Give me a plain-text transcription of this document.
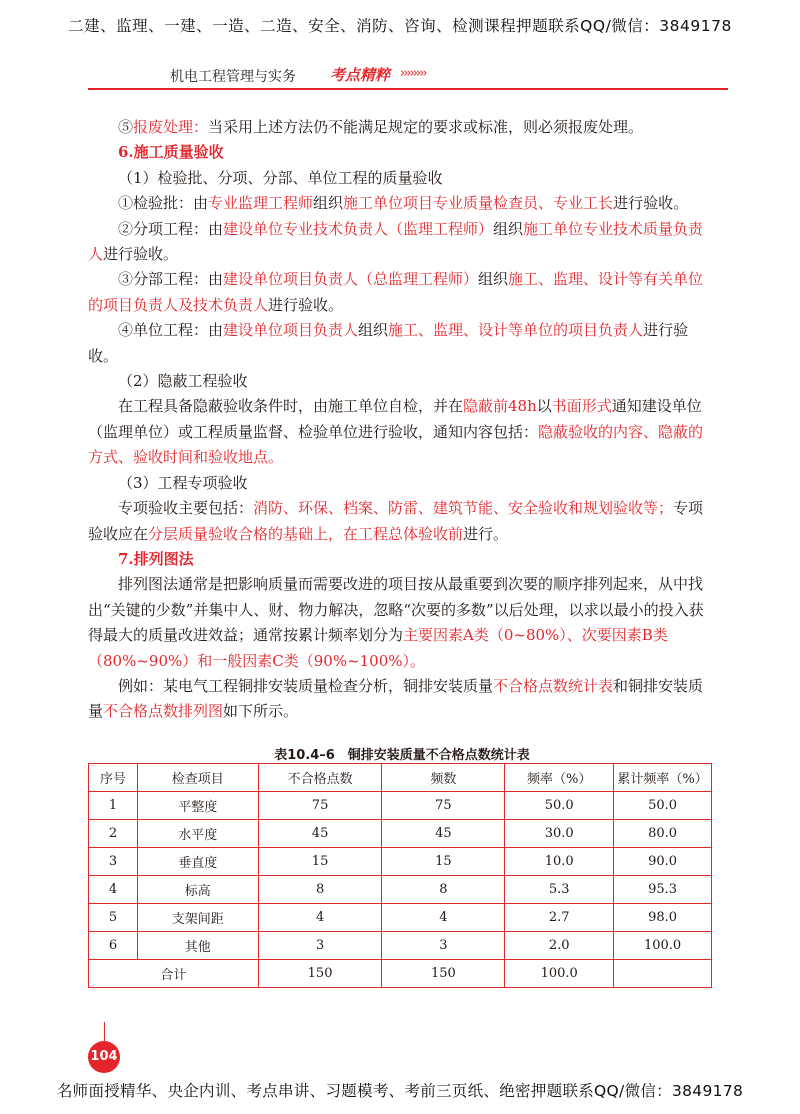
二建、监理、一建、一造、二造、安全、消防、咨询、检测课程押题联系QQ/微信：3849178
机电工程管理与实务 考点精粹 ››››››››

⑤报废处理：当采用上述方法仍不能满足规定的要求或标准，则必须报废处理。

6.施工质量验收

（1）检验批、分项、分部、单位工程的质量验收

①检验批：由专业监理工程师组织施工单位项目专业质量检查员、专业工长进行验收。

②分项工程：由建设单位专业技术负责人（监理工程师）组织施工单位专业技术质量负责人进行验收。

③分部工程：由建设单位项目负责人（总监理工程师）组织施工、监理、设计等有关单位的项目负责人及技术负责人进行验收。

④单位工程：由建设单位项目负责人组织施工、监理、设计等单位的项目负责人进行验收。

（2）隐蔽工程验收

在工程具备隐蔽验收条件时，由施工单位自检，并在隐蔽前48h以书面形式通知建设单位（监理单位）或工程质量监督、检验单位进行验收，通知内容包括：隐蔽验收的内容、隐蔽的方式、验收时间和验收地点。

（3）工程专项验收

专项验收主要包括：消防、环保、档案、防雷、建筑节能、安全验收和规划验收等；专项验收应在分层质量验收合格的基础上，在工程总体验收前进行。

7.排列图法

排列图法通常是把影响质量而需要改进的项目按从最重要到次要的顺序排列起来，从中找出“关键的少数”并集中人、财、物力解决，忽略“次要的多数”以后处理，以求以最小的投入获得最大的质量改进效益；通常按累计频率划分为主要因素A类（0~80%）、次要因素B类（80%~90%）和一般因素C类（90%~100%）。

例如：某电气工程铜排安装质量检查分析，铜排安装质量不合格点数统计表和铜排安装质量不合格点数排列图如下所示。

表10.4–6　铜排安装质量不合格点数统计表
序号	检查项目	不合格点数	频数	频率（%）	累计频率（%）
1	平整度	75	75	50.0	50.0
2	水平度	45	45	30.0	80.0
3	垂直度	15	15	10.0	90.0
4	标高	8	8	5.3	95.3
5	支架间距	4	4	2.7	98.0
6	其他	3	3	2.0	100.0
合计		150	150	100.0	
104
名师面授精华、央企内训、考点串讲、习题模考、考前三页纸、绝密押题联系QQ/微信：3849178
